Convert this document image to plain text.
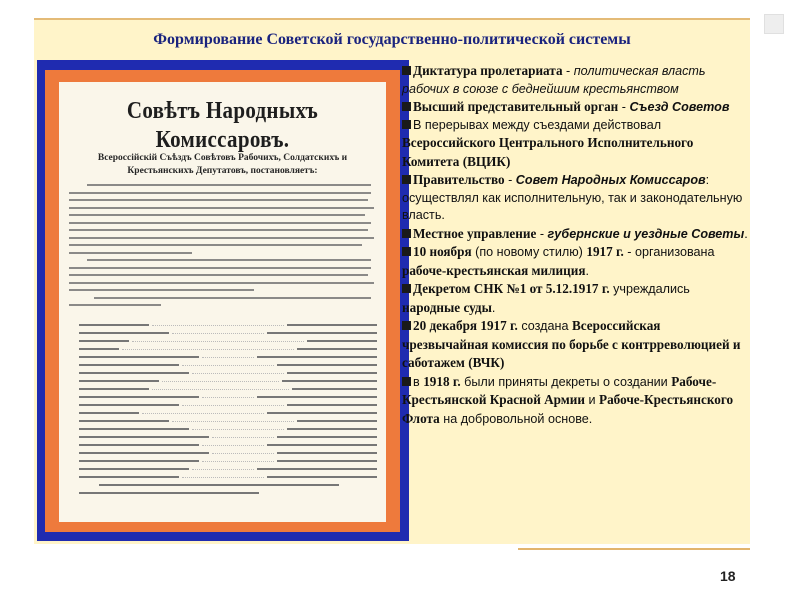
Формирование Советской государственно-политической системы
Совѣтъ Народныхъ Комиссаровъ.
Всероссійскій Съѣздъ Совѣтовъ Рабочихъ, Солдатскихъ и Крестьянскихъ Депутатовъ, постановляетъ:

Диктатура пролетариата - политическая власть рабочих в союзе с беднейшим крестьянством

Высший представительный орган - Съезд Советов

В перерывах между съездами действовал Всероссийского Центрального Исполнительного Комитета (ВЦИК)

Правительство - Совет Народных Комиссаров: осуществлял как исполнительную, так и законодательную власть.

Местное управление - губернские и уездные Советы.

10 ноября (по новому стилю) 1917 г. - организована рабоче-крестьянская милиция.

Декретом СНК №1 от 5.12.1917 г. учреждались народные суды.

20 декабря 1917 г. создана Всероссийская чрезвычайная комиссия по борьбе с контрреволюцией и саботажем (ВЧК)

в 1918 г. были приняты декреты о создании Рабоче-Крестьянской Красной Армии и Рабоче-Крестьянского Флота на добровольной основе.

18
